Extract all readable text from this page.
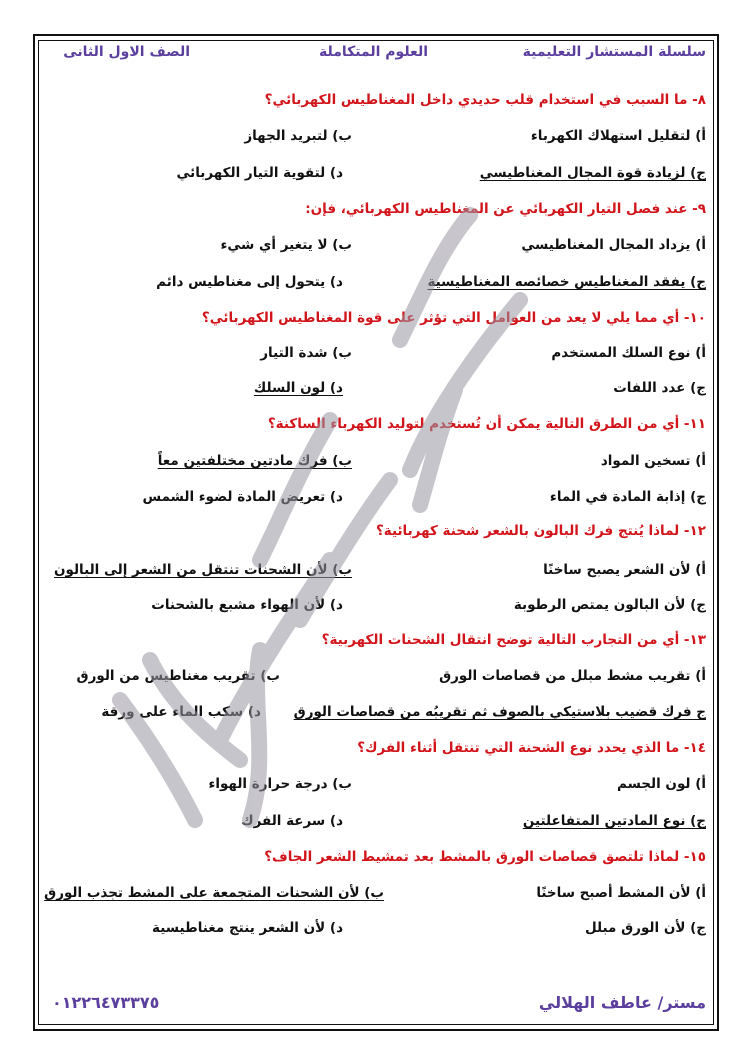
سلسلة المستشار التعليمية
العلوم المتكاملة
الصف الاول الثانى
٨- ما السبب في استخدام قلب حديدي داخل المغناطيس الكهربائي؟
أ) لتقليل استهلاك الكهرباء
ب) لتبريد الجهاز
ج) لزيادة قوة المجال المغناطيسي
د) لتقوية التيار الكهربائي
٩- عند فصل التيار الكهربائي عن المغناطيس الكهربائي، فإن:
أ) يزداد المجال المغناطيسي
ب) لا يتغير أي شيء
ج) يفقد المغناطيس خصائصه المغناطيسية
د) يتحول إلى مغناطيس دائم
١٠- أي مما يلي لا يعد من العوامل التي تؤثر على قوة المغناطيس الكهربائي؟
أ) نوع السلك المستخدم
ب) شدة التيار
ج) عدد اللفات
د) لون السلك
١١- أي من الطرق التالية يمكن أن تُستخدم لتوليد الكهرباء الساكنة؟
أ) تسخين المواد
ب) فرك مادتين مختلفتين معاً
ج) إذابة المادة في الماء
د) تعريض المادة لضوء الشمس
١٢- لماذا يُنتج فرك البالون بالشعر شحنة كهربائية؟
أ) لأن الشعر يصبح ساخنًا
ب) لأن الشحنات تنتقل من الشعر إلى البالون
ج) لأن البالون يمتص الرطوبة
د) لأن الهواء مشبع بالشحنات
١٣- أي من التجارب التالية توضح انتقال الشحنات الكهربية؟
أ) تقريب مشط مبلل من قصاصات الورق
ب) تقريب مغناطيس من الورق
ج فرك قضيب بلاستيكي بالصوف ثم تقريبُه من قصاصات الورق
د) سكب الماء على ورقة
١٤- ما الذي يحدد نوع الشحنة التي تنتقل أثناء الفرك؟
أ) لون الجسم
ب) درجة حرارة الهواء
ج) نوع المادتين المتفاعلتين
د) سرعة الفرك
١٥- لماذا تلتصق قصاصات الورق بالمشط بعد تمشيط الشعر الجاف؟
أ) لأن المشط أصبح ساخنًا
ب) لأن الشحنات المتجمعة على المشط تجذب الورق
ج) لأن الورق مبلل
د) لأن الشعر ينتج مغناطيسية
مستر/ عاطف الهلالي
٠١٢٢٦٤٧٣٣٧٥
